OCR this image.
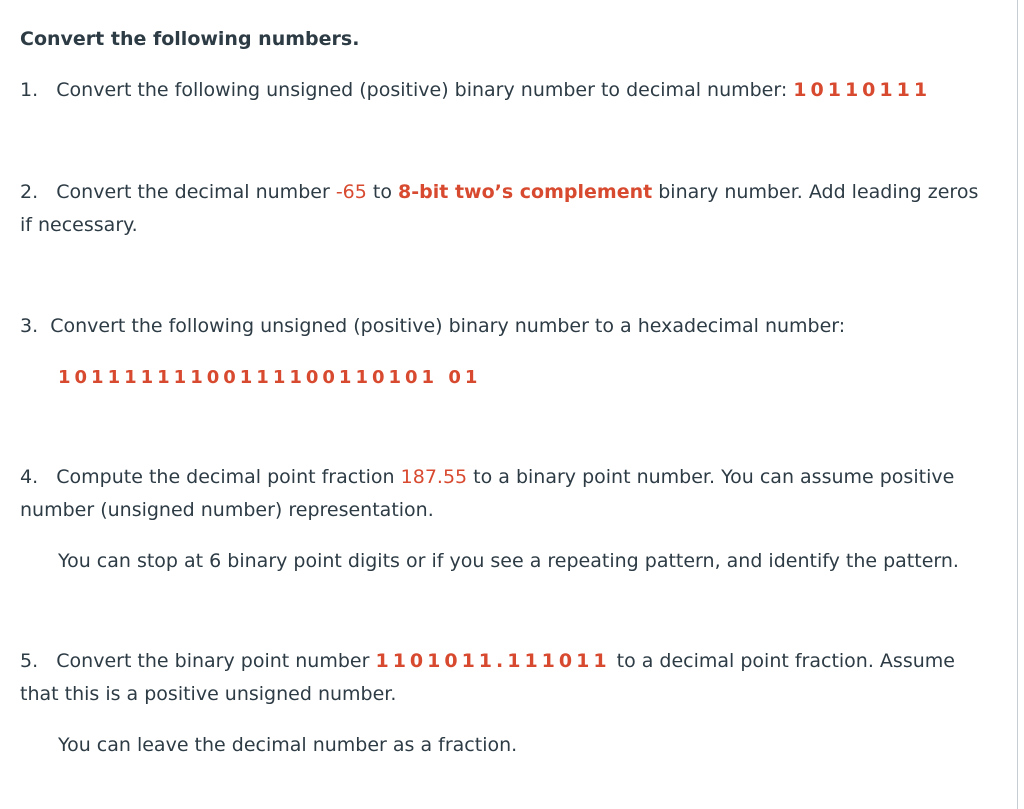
Convert the following numbers.

1. Convert the following unsigned (positive) binary number to decimal number: 10110111

2. Convert the decimal number -65 to 8-bit two’s complement binary number. Add leading zeros if necessary.

3. Convert the following unsigned (positive) binary number to a hexadecimal number:

10111111100111100110101 01

4. Compute the decimal point fraction 187.55 to a binary point number. You can assume positive number (unsigned number) representation.

You can stop at 6 binary point digits or if you see a repeating pattern, and identify the pattern.

5. Convert the binary point number 1101011.111011 to a decimal point fraction. Assume that this is a positive unsigned number.

You can leave the decimal number as a fraction.
